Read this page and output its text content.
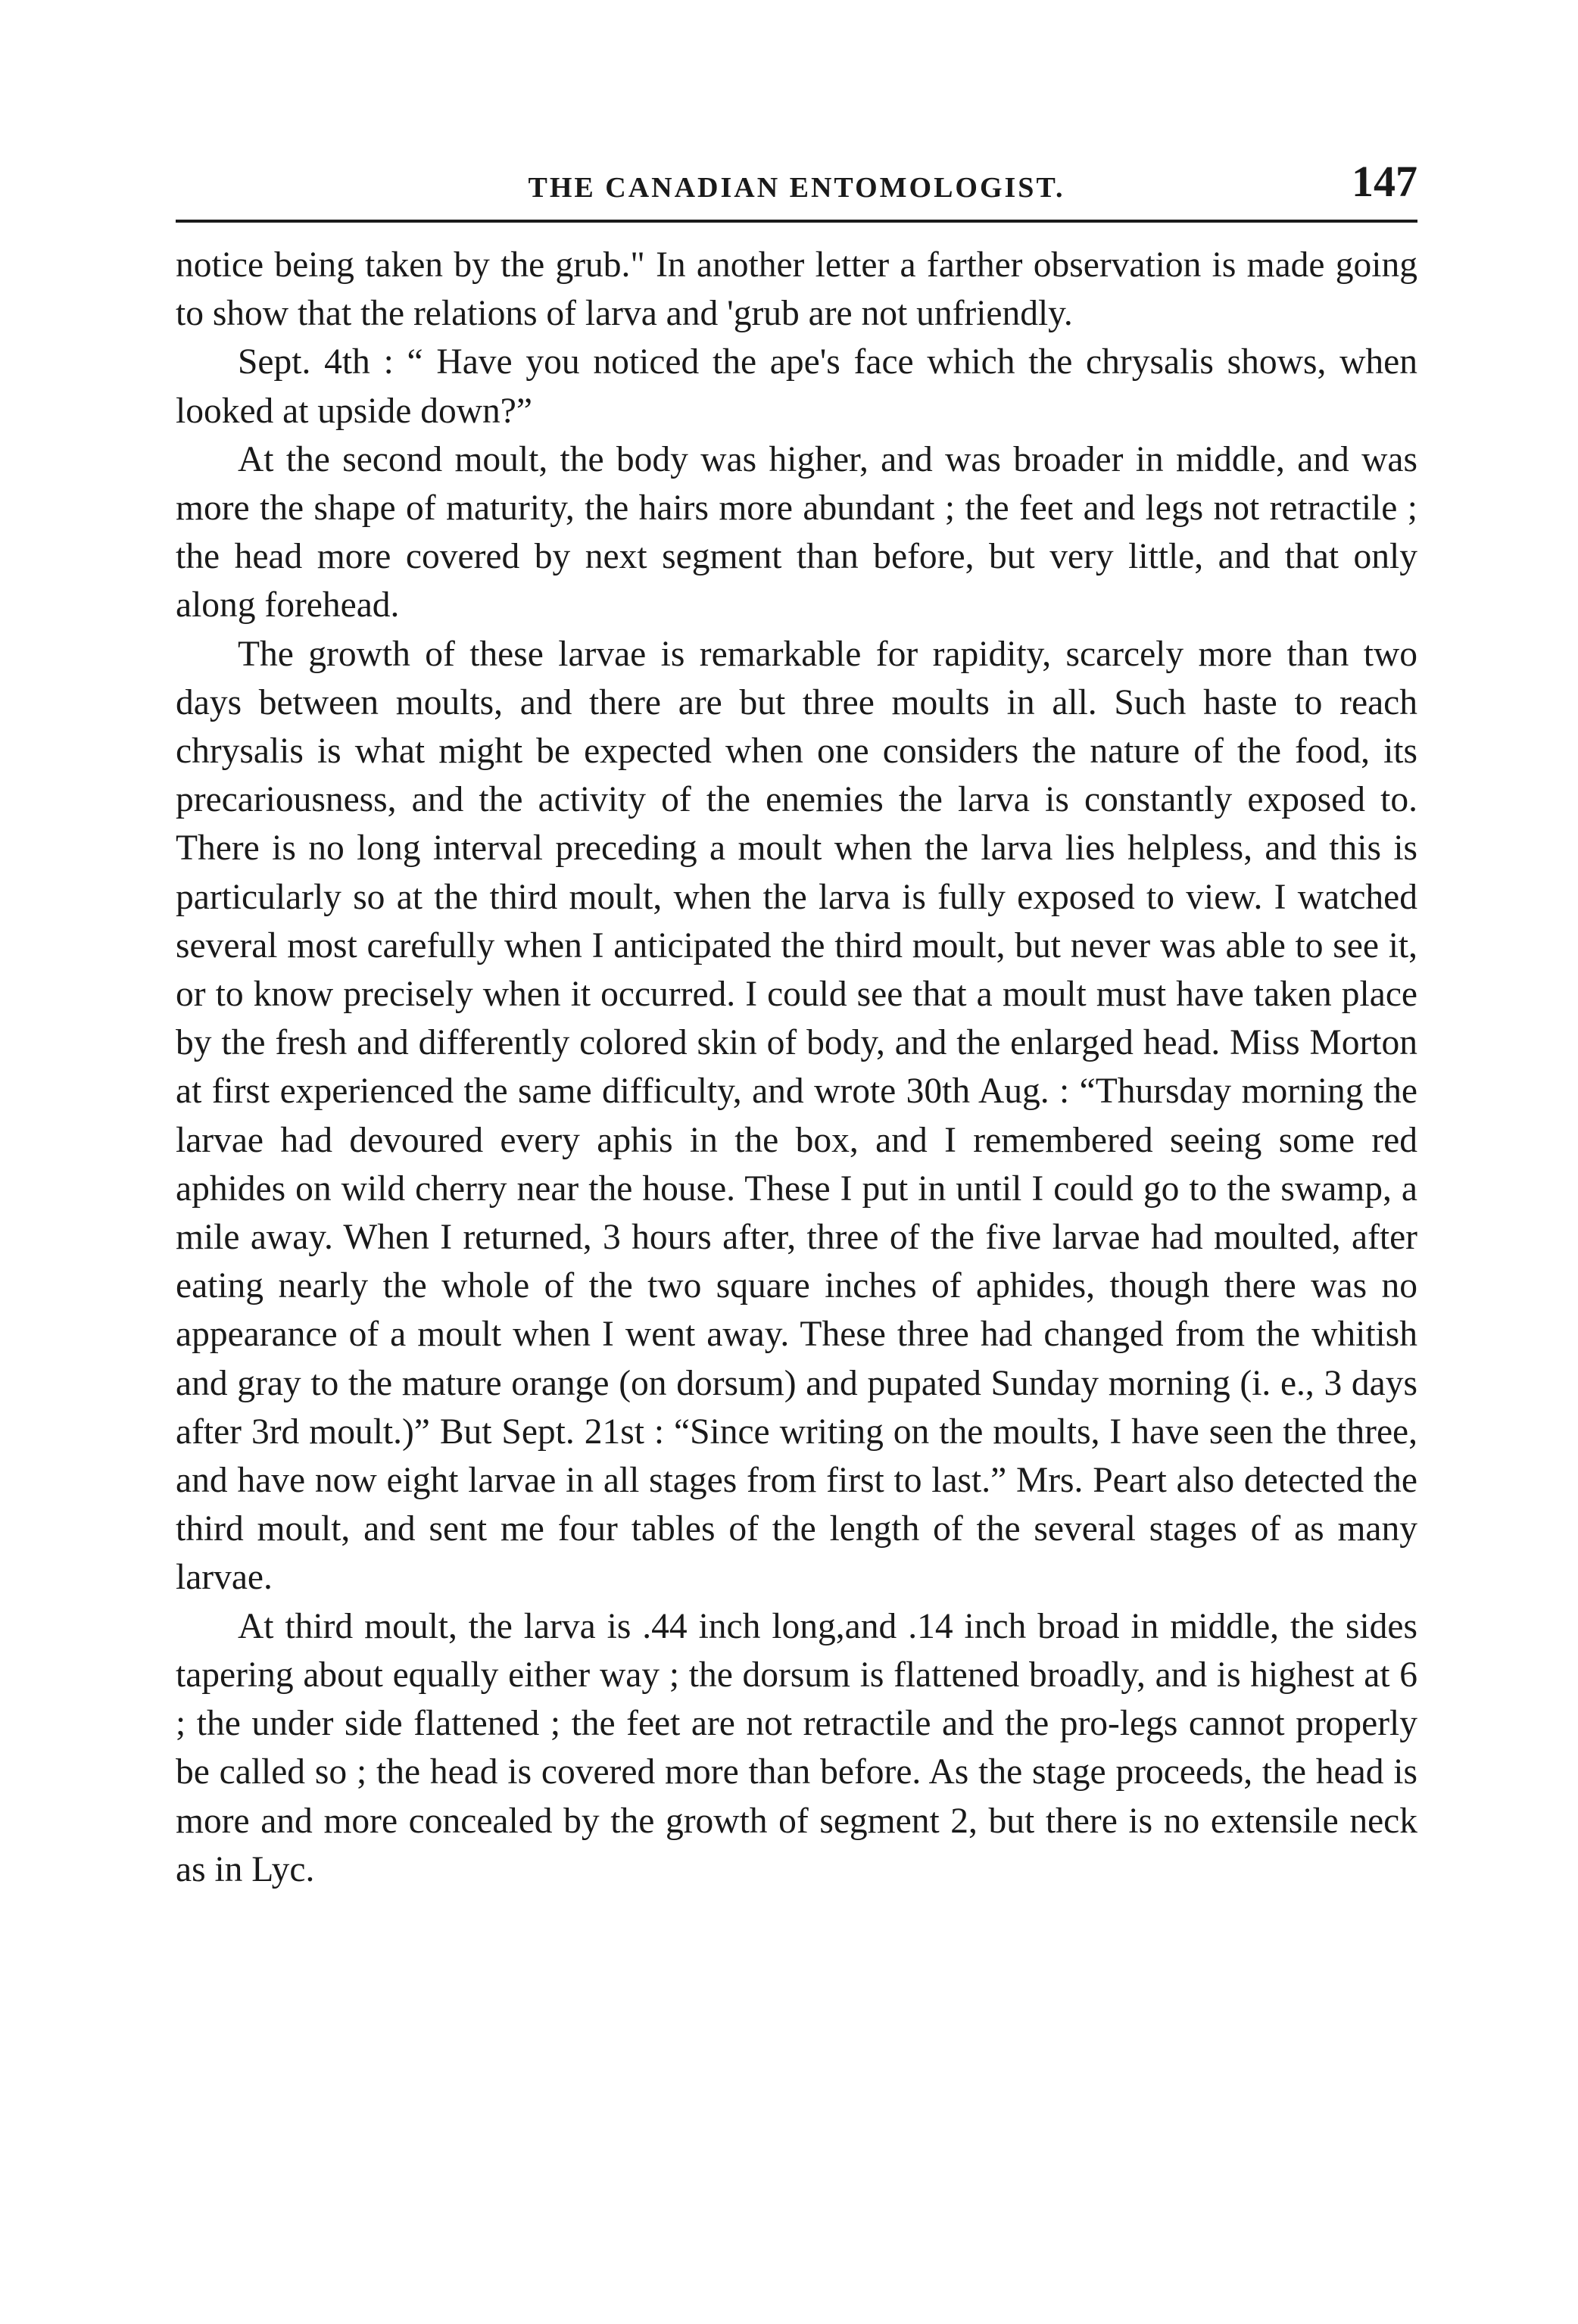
THE CANADIAN ENTOMOLOGIST.	147

notice being taken by the grub." In another letter a farther observation is made going to show that the relations of larva and 'grub are not unfriendly.

Sept. 4th : “ Have you noticed the ape's face which the chrysalis shows, when looked at upside down?”

At the second moult, the body was higher, and was broader in middle, and was more the shape of maturity, the hairs more abundant ; the feet and legs not retractile ; the head more covered by next segment than before, but very little, and that only along forehead.

The growth of these larvae is remarkable for rapidity, scarcely more than two days between moults, and there are but three moults in all. Such haste to reach chrysalis is what might be expected when one considers the nature of the food, its precariousness, and the activity of the enemies the larva is constantly exposed to. There is no long interval preceding a moult when the larva lies helpless, and this is particularly so at the third moult, when the larva is fully exposed to view. I watched several most carefully when I anticipated the third moult, but never was able to see it, or to know precisely when it occurred. I could see that a moult must have taken place by the fresh and differently colored skin of body, and the enlarged head. Miss Morton at first experienced the same difficulty, and wrote 30th Aug. : “Thursday morning the larvae had devoured every aphis in the box, and I remembered seeing some red aphides on wild cherry near the house. These I put in until I could go to the swamp, a mile away. When I returned, 3 hours after, three of the five larvae had moulted, after eating nearly the whole of the two square inches of aphides, though there was no appearance of a moult when I went away. These three had changed from the whitish and gray to the mature orange (on dorsum) and pupated Sunday morning (i. e., 3 days after 3rd moult.)” But Sept. 21st : “Since writing on the moults, I have seen the three, and have now eight larvae in all stages from first to last.” Mrs. Peart also detected the third moult, and sent me four tables of the length of the several stages of as many larvae.

At third moult, the larva is .44 inch long,and .14 inch broad in middle, the sides tapering about equally either way ; the dorsum is flattened broadly, and is highest at 6 ; the under side flattened ; the feet are not retractile and the pro-legs cannot properly be called so ; the head is covered more than before. As the stage proceeds, the head is more and more concealed by the growth of segment 2, but there is no extensile neck as in Lyc.
